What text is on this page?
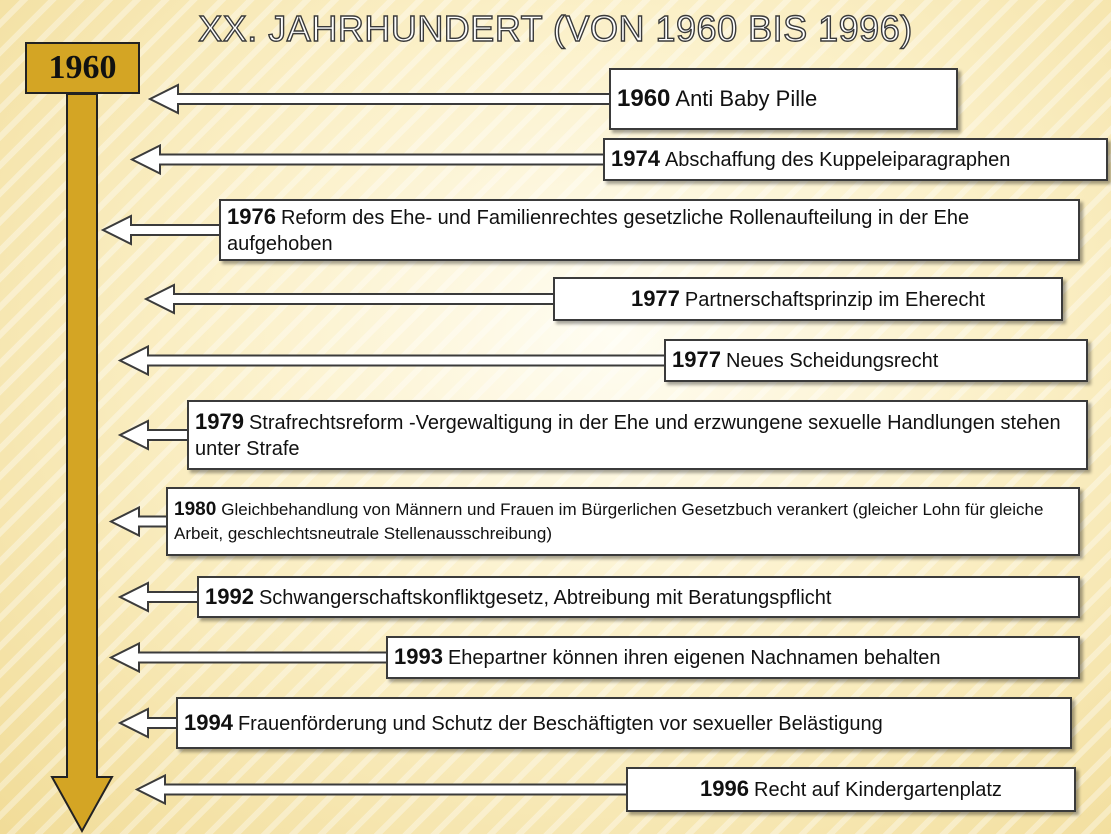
XX. JAHRHUNDERT (VON 1960 BIS 1996)
1960
1960 Anti Baby Pille
1974 Abschaffung des Kuppeleiparagraphen
1976 Reform des Ehe- und Familienrechtes gesetzliche Rollenaufteilung in der Ehe aufgehoben
1977 Partnerschaftsprinzip im Eherecht
1977 Neues Scheidungsrecht
1979 Strafrechtsreform -Vergewaltigung in der Ehe und erzwungene sexuelle Handlungen stehen unter Strafe
1980 Gleichbehandlung von Männern und Frauen im Bürgerlichen Gesetzbuch verankert (gleicher Lohn für gleiche Arbeit, geschlechtsneutrale Stellenausschreibung)
1992 Schwangerschaftskonfliktgesetz, Abtreibung mit Beratungspflicht
1993 Ehepartner können ihren eigenen Nachnamen behalten
1994 Frauenförderung und Schutz der Beschäftigten vor sexueller Belästigung
1996 Recht auf Kindergartenplatz
